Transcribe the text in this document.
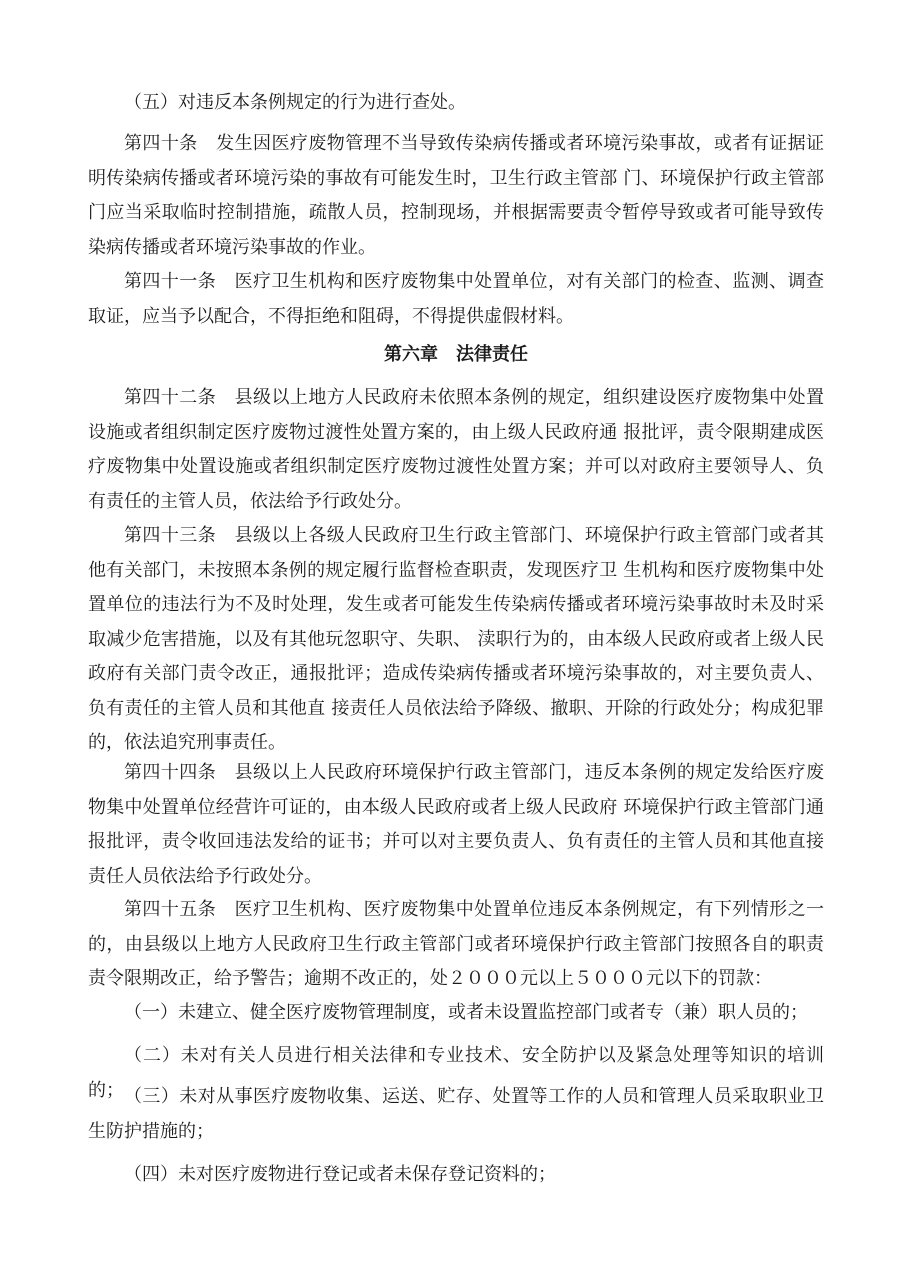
（五）对违反本条例规定的行为进行查处。

第四十条　发生因医疗废物管理不当导致传染病传播或者环境污染事故，或者有证据证明传染病传播或者环境污染的事故有可能发生时，卫生行政主管部 门、环境保护行政主管部门应当采取临时控制措施，疏散人员，控制现场，并根据需要责令暂停导致或者可能导致传染病传播或者环境污染事故的作业。

第四十一条　医疗卫生机构和医疗废物集中处置单位，对有关部门的检查、监测、调查取证，应当予以配合，不得拒绝和阻碍，不得提供虚假材料。

第六章　法律责任

第四十二条　县级以上地方人民政府未依照本条例的规定，组织建设医疗废物集中处置设施或者组织制定医疗废物过渡性处置方案的，由上级人民政府通 报批评，责令限期建成医疗废物集中处置设施或者组织制定医疗废物过渡性处置方案；并可以对政府主要领导人、负有责任的主管人员，依法给予行政处分。

第四十三条　县级以上各级人民政府卫生行政主管部门、环境保护行政主管部门或者其他有关部门，未按照本条例的规定履行监督检查职责，发现医疗卫 生机构和医疗废物集中处置单位的违法行为不及时处理，发生或者可能发生传染病传播或者环境污染事故时未及时采取减少危害措施，以及有其他玩忽职守、失职、 渎职行为的，由本级人民政府或者上级人民政府有关部门责令改正，通报批评；造成传染病传播或者环境污染事故的，对主要负责人、负有责任的主管人员和其他直 接责任人员依法给予降级、撤职、开除的行政处分；构成犯罪的，依法追究刑事责任。

第四十四条　县级以上人民政府环境保护行政主管部门，违反本条例的规定发给医疗废物集中处置单位经营许可证的，由本级人民政府或者上级人民政府 环境保护行政主管部门通报批评，责令收回违法发给的证书；并可以对主要负责人、负有责任的主管人员和其他直接责任人员依法给予行政处分。

第四十五条　医疗卫生机构、医疗废物集中处置单位违反本条例规定，有下列情形之一的，由县级以上地方人民政府卫生行政主管部门或者环境保护行政主管部门按照各自的职责责令限期改正，给予警告；逾期不改正的，处２０００元以上５０００元以下的罚款：

（一）未建立、健全医疗废物管理制度，或者未设置监控部门或者专（兼）职人员的；

（二）未对有关人员进行相关法律和专业技术、安全防护以及紧急处理等知识的培训的； （三）未对从事医疗废物收集、运送、贮存、处置等工作的人员和管理人员采取职业卫生防护措施的；

（四）未对医疗废物进行登记或者未保存登记资料的；
